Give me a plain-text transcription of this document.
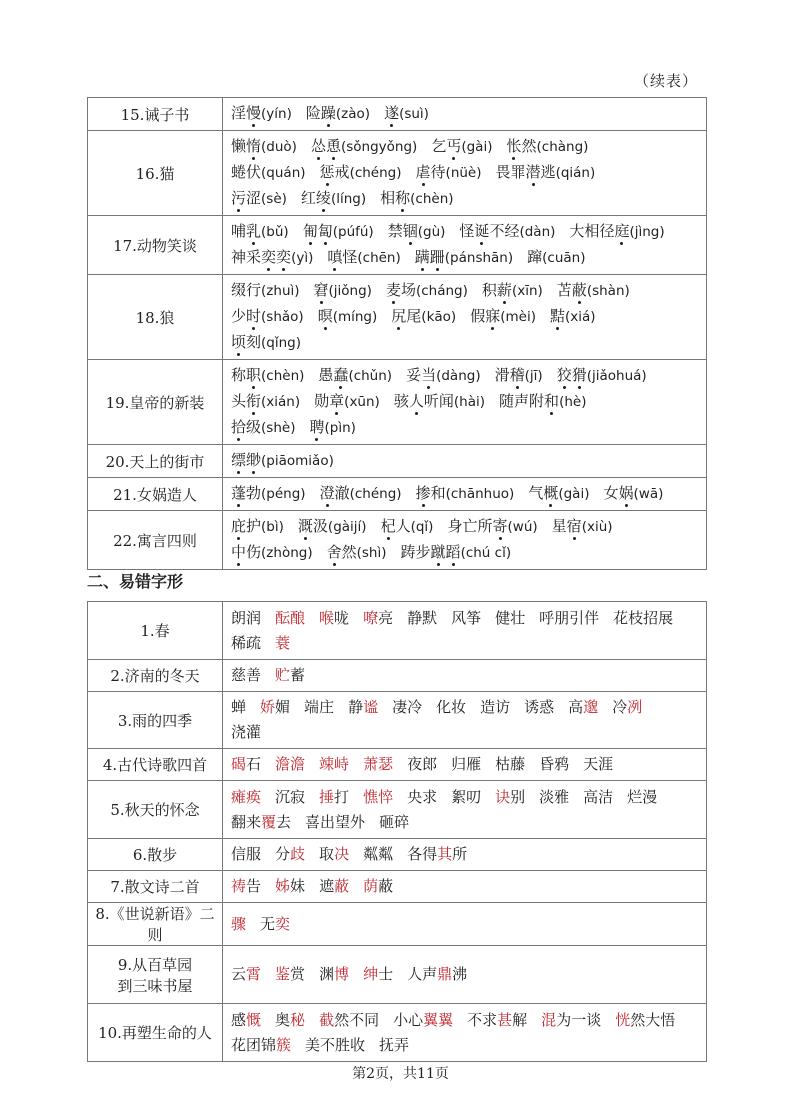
（续表）
15.诫子书	淫慢(yín) 险躁(zào) 遂(suì)

16.猫	懒惰(duò) 怂恿(sǒngyǒng) 乞丐(gài) 怅然(chàng)
蜷伏(quán) 惩戒(chéng) 虐待(nüè) 畏罪潜逃(qián)
污涩(sè) 红绫(líng) 相称(chèn)

17.动物笑谈	哺乳(bǔ) 匍匐(púfú) 禁锢(gù) 怪诞不经(dàn) 大相径庭(jìng)
神采奕奕(yì) 嗔怪(chēn) 蹒跚(pánshān) 蹿(cuān)

18.狼	缀行(zhuì) 窘(jiǒng) 麦场(cháng) 积薪(xīn) 苫蔽(shàn)
少时(shǎo) 暝(míng) 尻尾(kāo) 假寐(mèi) 黠(xiá)
顷刻(qǐng)

19.皇帝的新装	称职(chèn) 愚蠢(chǔn) 妥当(dàng) 滑稽(jī) 狡猾(jiǎohuá)
头衔(xián) 勋章(xūn) 骇人听闻(hài) 随声附和(hè)
拾级(shè) 聘(pìn)

20.天上的街市	缥缈(piāomiǎo)

21.女娲造人	蓬勃(péng) 澄澈(chéng) 掺和(chānhuo) 气概(gài) 女娲(wā)

22.寓言四则	庇护(bì) 溉汲(gàijí) 杞人(qǐ) 身亡所寄(wú) 星宿(xiù)
中伤(zhòng) 舍然(shì) 踌步蹴蹈(chú cǐ)
二、易错字形
1.春	朗润 酝酿 喉咙 嘹亮 静默 风筝 健壮 呼朋引伴 花枝招展
稀疏 蓑

2.济南的冬天	慈善 贮蓄

3.雨的四季	蝉 娇媚 端庄 静谧 凄冷 化妆 造访 诱惑 高邈 冷冽浇灌

4.古代诗歌四首	碣石 澹澹 竦峙 萧瑟 夜郎 归雁 枯藤 昏鸦 天涯

5.秋天的怀念	瘫痪 沉寂 捶打 憔悴 央求 絮叨 诀别 淡雅 高洁 烂漫
翻来覆去 喜出望外 砸碎

6.散步	信服 分歧 取决 粼粼 各得其所

7.散文诗二首	祷告 姊妹 遮蔽 荫蔽

8.《世说新语》二则	骤 无奕

9.从百草园
到三味书屋	云霄 鉴赏 渊博 绅士 人声鼎沸

10.再塑生命的人	感慨 奥秘 截然不同 小心翼翼 不求甚解 混为一谈 恍然大悟
花团锦簇 美不胜收 抚弄
第2页，共11页
